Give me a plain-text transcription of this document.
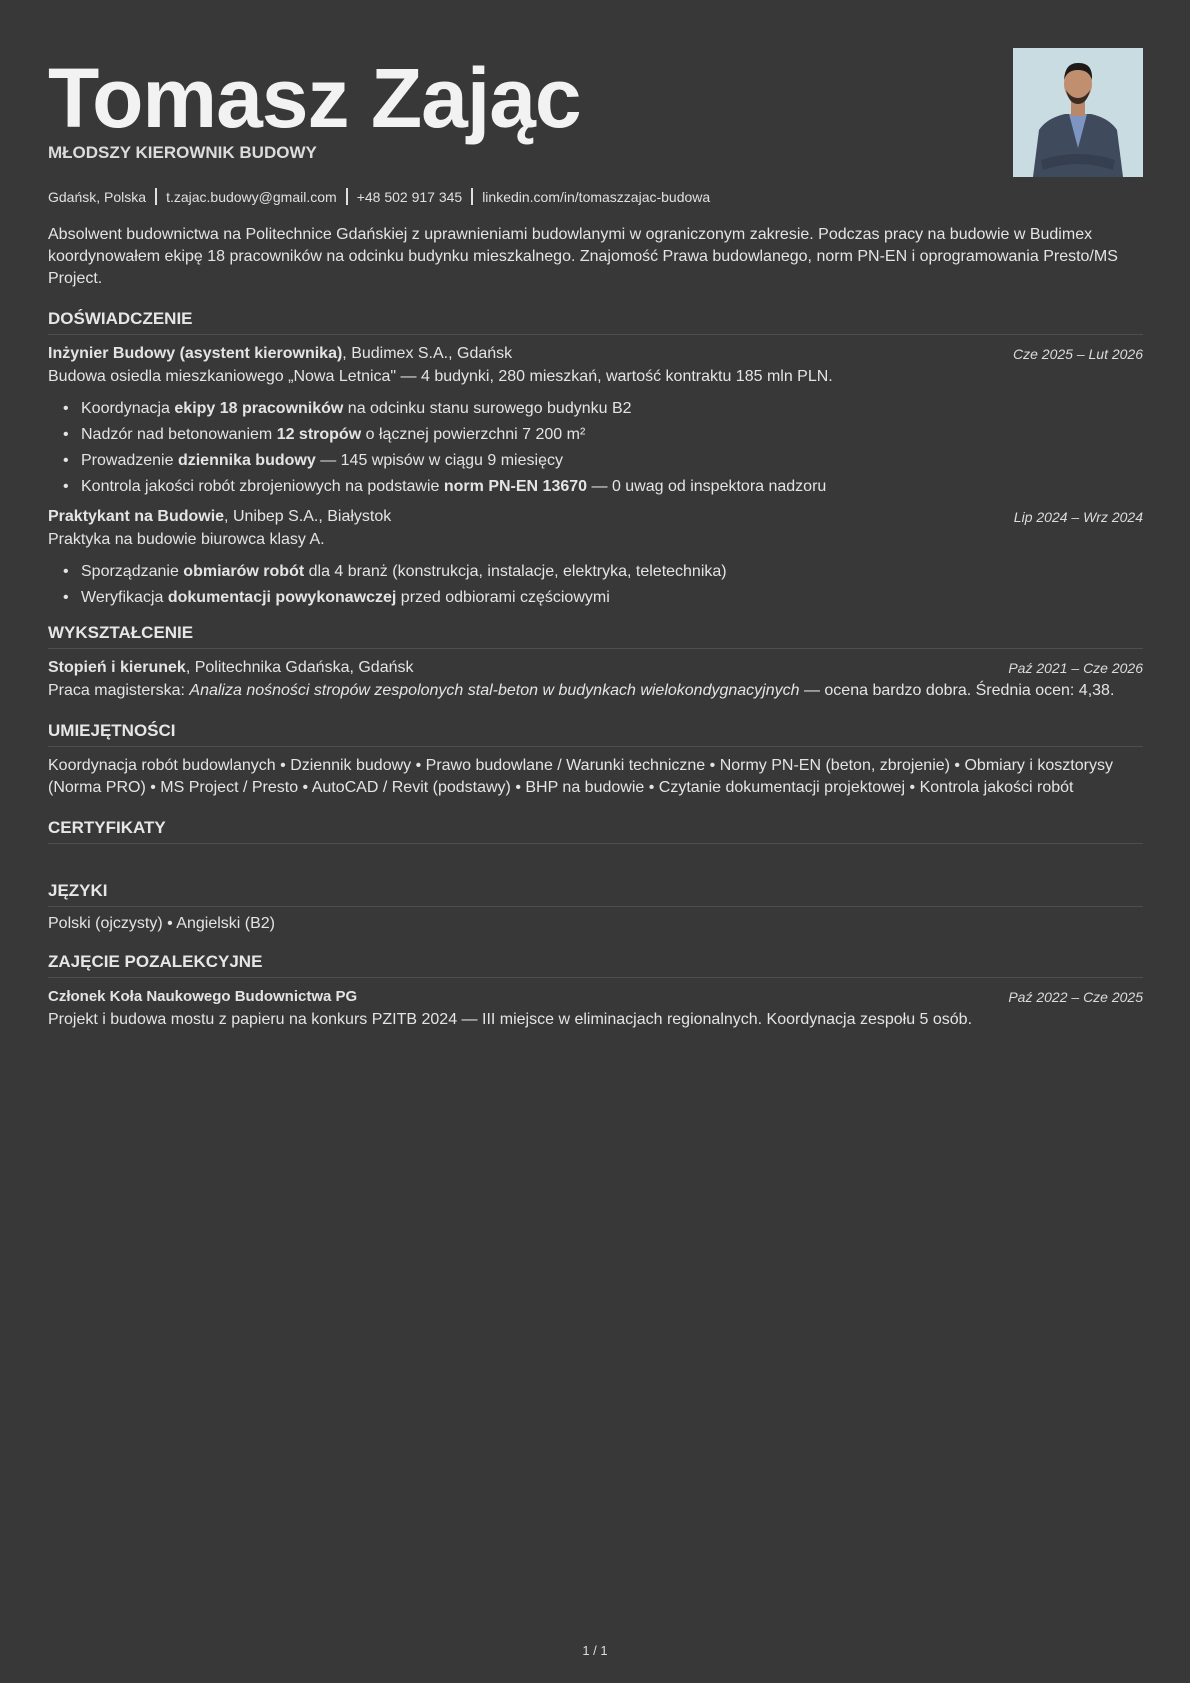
Tomasz Zając
MŁODSZY KIEROWNIK BUDOWY
Gdańsk, Polska t.zajac.budowy@gmail.com +48 502 917 345 linkedin.com/in/tomaszzajac-budowa

Absolwent budownictwa na Politechnice Gdańskiej z uprawnieniami budowlanymi w ograniczonym zakresie. Podczas pracy na budowie w Budimex koordynowałem ekipę 18 pracowników na odcinku budynku mieszkalnego. Znajomość Prawa budowlanego, norm PN-EN i oprogramowania Presto/MS Project.

DOŚWIADCZENIE
Inżynier Budowy (asystent kierownika), Budimex S.A., Gdańsk	Cze 2025 – Lut 2026

Budowa osiedla mieszkaniowego „Nowa Letnica" — 4 budynki, 280 mieszkań, wartość kontraktu 185 mln PLN.

• Koordynacja ekipy 18 pracowników na odcinku stanu surowego budynku B2
• Nadzór nad betonowaniem 12 stropów o łącznej powierzchni 7 200 m²
• Prowadzenie dziennika budowy — 145 wpisów w ciągu 9 miesięcy
• Kontrola jakości robót zbrojeniowych na podstawie norm PN-EN 13670 — 0 uwag od inspektora nadzoru
Praktykant na Budowie, Unibep S.A., Białystok	Lip 2024 – Wrz 2024

Praktyka na budowie biurowca klasy A.

• Sporządzanie obmiarów robót dla 4 branż (konstrukcja, instalacje, elektryka, teletechnika)
• Weryfikacja dokumentacji powykonawczej przed odbiorami częściowymi
WYKSZTAŁCENIE
Stopień i kierunek, Politechnika Gdańska, Gdańsk	Paź 2021 – Cze 2026

Praca magisterska: Analiza nośności stropów zespolonych stal-beton w budynkach wielokondygnacyjnych — ocena bardzo dobra. Średnia ocen: 4,38.

UMIEJĘTNOŚCI

Koordynacja robót budowlanych • Dziennik budowy • Prawo budowlane / Warunki techniczne • Normy PN-EN (beton, zbrojenie) • Obmiary i kosztorysy (Norma PRO) • MS Project / Presto • AutoCAD / Revit (podstawy) • BHP na budowie • Czytanie dokumentacji projektowej • Kontrola jakości robót

CERTYFIKATY
JĘZYKI

Polski (ojczysty) • Angielski (B2)

ZAJĘCIE POZALEKCYJNE
Członek Koła Naukowego Budownictwa PG	Paź 2022 – Cze 2025

Projekt i budowa mostu z papieru na konkurs PZITB 2024 — III miejsce w eliminacjach regionalnych. Koordynacja zespołu 5 osób.

1 / 1
